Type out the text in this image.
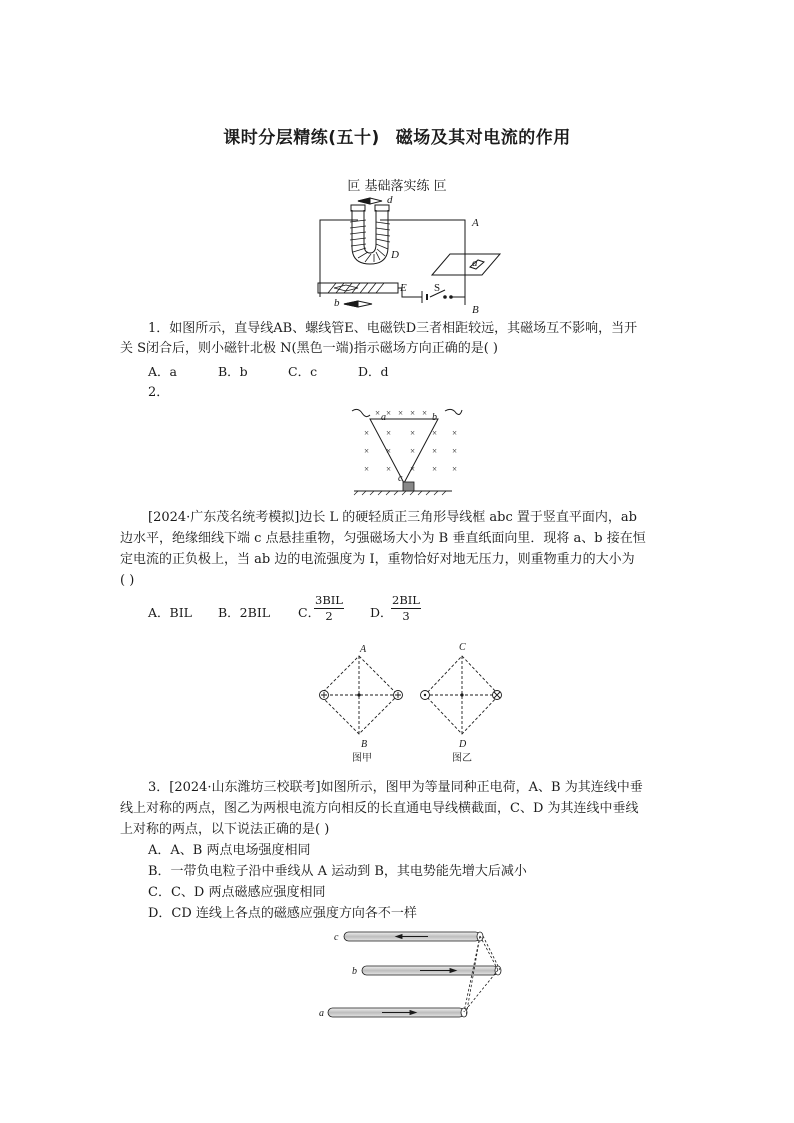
课时分层精练(五十) 磁场及其对电流的作用
叵 基础落实练 叵
d
A
D
a
E
b
S
B
1．如图所示，直导线AB、螺线管E、电磁铁D三者相距较远，其磁场互不影响，当开
关 S闭合后，则小磁针北极 N(黑色一端)指示磁场方向正确的是( )
A．a	B．b	C．c	D．d
2．
× × × × ×
× × × × ×
× × × × ×
× × × × ×
a	b
c
[2024·广东茂名统考模拟]边长 L 的硬轻质正三角形导线框 abc 置于竖直平面内，ab
边水平，绝缘细线下端 c 点悬挂重物，匀强磁场大小为 B 垂直纸面向里．现将 a、b 接在恒
定电流的正负极上，当 ab 边的电流强度为 I，重物恰好对地无压力，则重物重力的大小为
( )
A．BIL B．2BIL C．
3BIL
2	D．
2BIL
3
A
B
C
D
图甲	图乙
3．[2024·山东潍坊三校联考]如图所示，图甲为等量同种正电荷，A、B 为其连线中垂
线上对称的两点，图乙为两根电流方向相反的长直通电导线横截面，C、D 为其连线中垂线
上对称的两点，以下说法正确的是( )
A．A、B 两点电场强度相同
B．一带负电粒子沿中垂线从 A 运动到 B，其电势能先增大后减小
C．C、D 两点磁感应强度相同
D．CD 连线上各点的磁感应强度方向各不一样
c
b
a
